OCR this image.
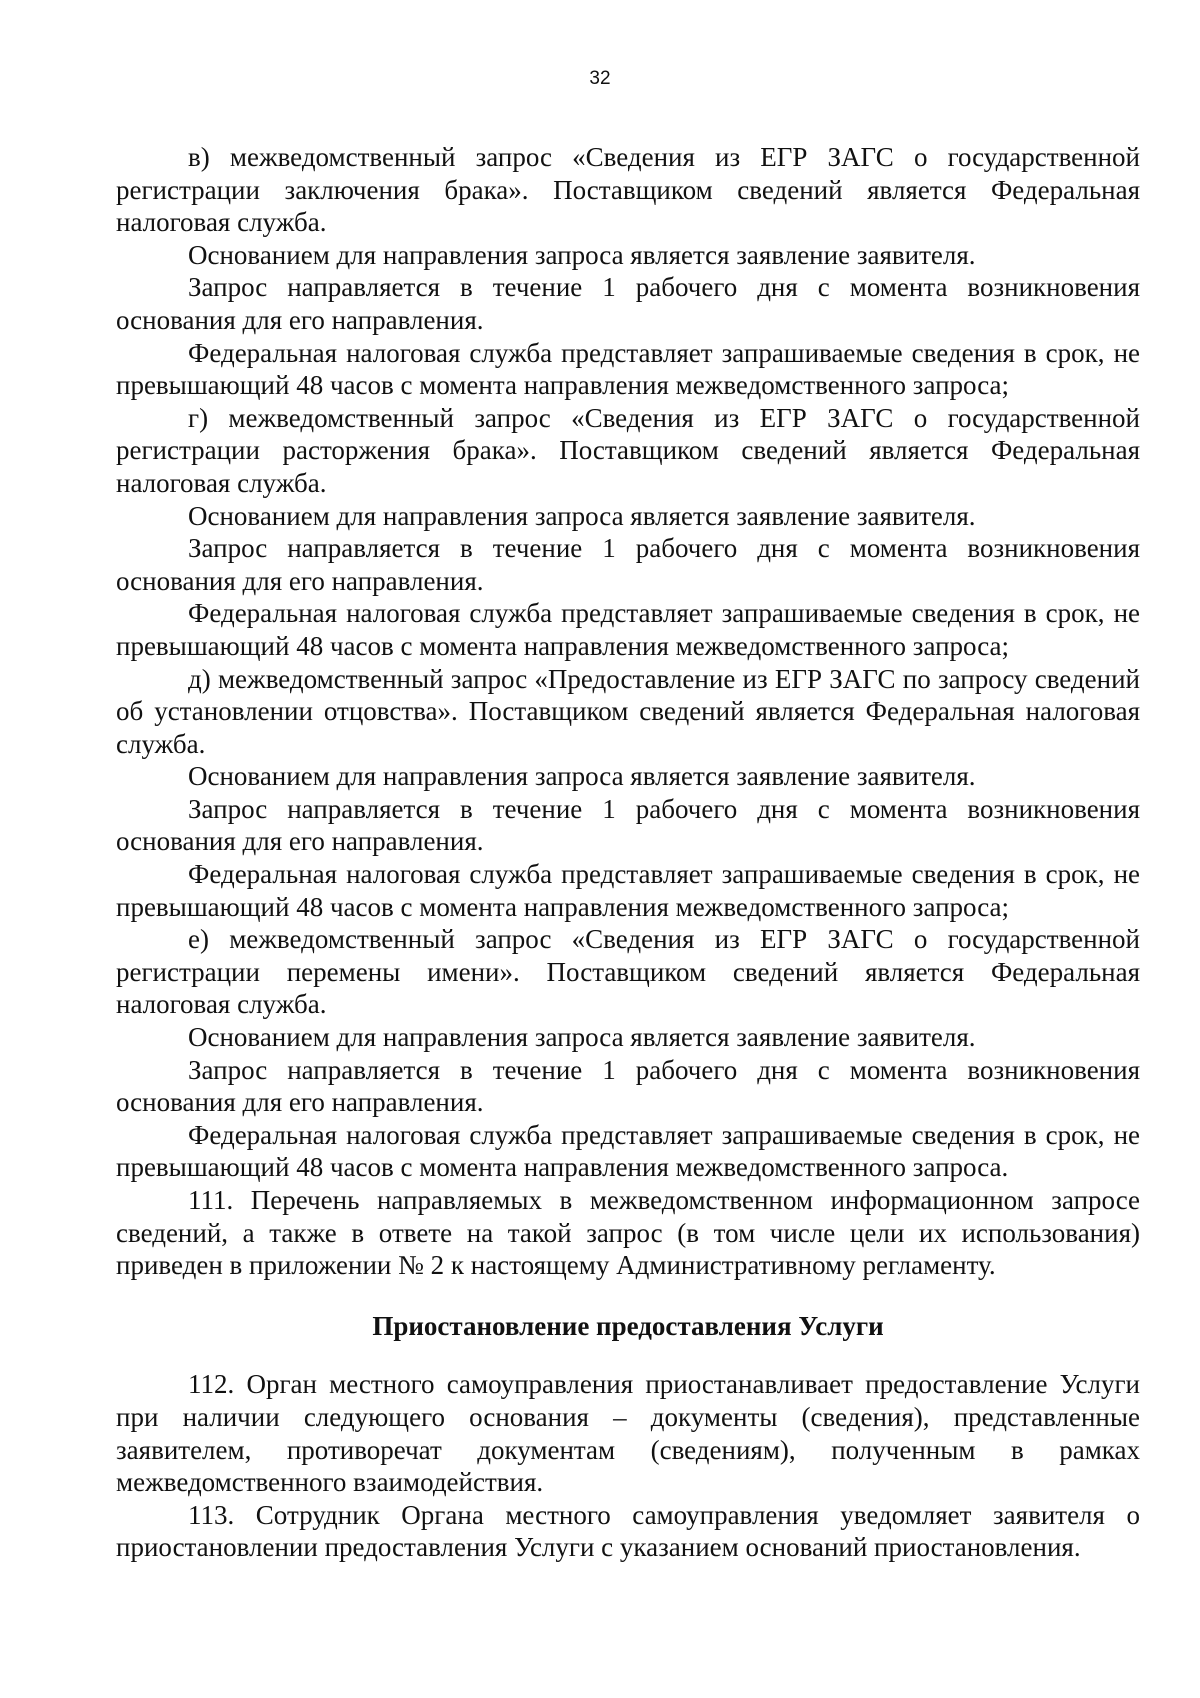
32

в) межведомственный запрос «Сведения из ЕГР ЗАГС о государственной регистрации заключения брака». Поставщиком сведений является Федеральная налоговая служба.

Основанием для направления запроса является заявление заявителя.

Запрос направляется в течение 1 рабочего дня с момента возникновения основания для его направления.

Федеральная налоговая служба представляет запрашиваемые сведения в срок, не превышающий 48 часов с момента направления межведомственного запроса;

г) межведомственный запрос «Сведения из ЕГР ЗАГС о государственной регистрации расторжения брака». Поставщиком сведений является Федеральная налоговая служба.

Основанием для направления запроса является заявление заявителя.

Запрос направляется в течение 1 рабочего дня с момента возникновения основания для его направления.

Федеральная налоговая служба представляет запрашиваемые сведения в срок, не превышающий 48 часов с момента направления межведомственного запроса;

д) межведомственный запрос «Предоставление из ЕГР ЗАГС по запросу сведений об установлении отцовства». Поставщиком сведений является Федеральная налоговая служба.

Основанием для направления запроса является заявление заявителя.

Запрос направляется в течение 1 рабочего дня с момента возникновения основания для его направления.

Федеральная налоговая служба представляет запрашиваемые сведения в срок, не превышающий 48 часов с момента направления межведомственного запроса;

е) межведомственный запрос «Сведения из ЕГР ЗАГС о государственной регистрации перемены имени». Поставщиком сведений является Федеральная налоговая служба.

Основанием для направления запроса является заявление заявителя.

Запрос направляется в течение 1 рабочего дня с момента возникновения основания для его направления.

Федеральная налоговая служба представляет запрашиваемые сведения в срок, не превышающий 48 часов с момента направления межведомственного запроса.

111. Перечень направляемых в межведомственном информационном запросе сведений, а также в ответе на такой запрос (в том числе цели их использования) приведен в приложении № 2 к настоящему Административному регламенту.

Приостановление предоставления Услуги

112. Орган местного самоуправления приостанавливает предоставление Услуги при наличии следующего основания – документы (сведения), представленные заявителем, противоречат документам (сведениям), полученным в рамках межведомственного взаимодействия.

113. Сотрудник Органа местного самоуправления уведомляет заявителя о приостановлении предоставления Услуги с указанием оснований приостановления.
